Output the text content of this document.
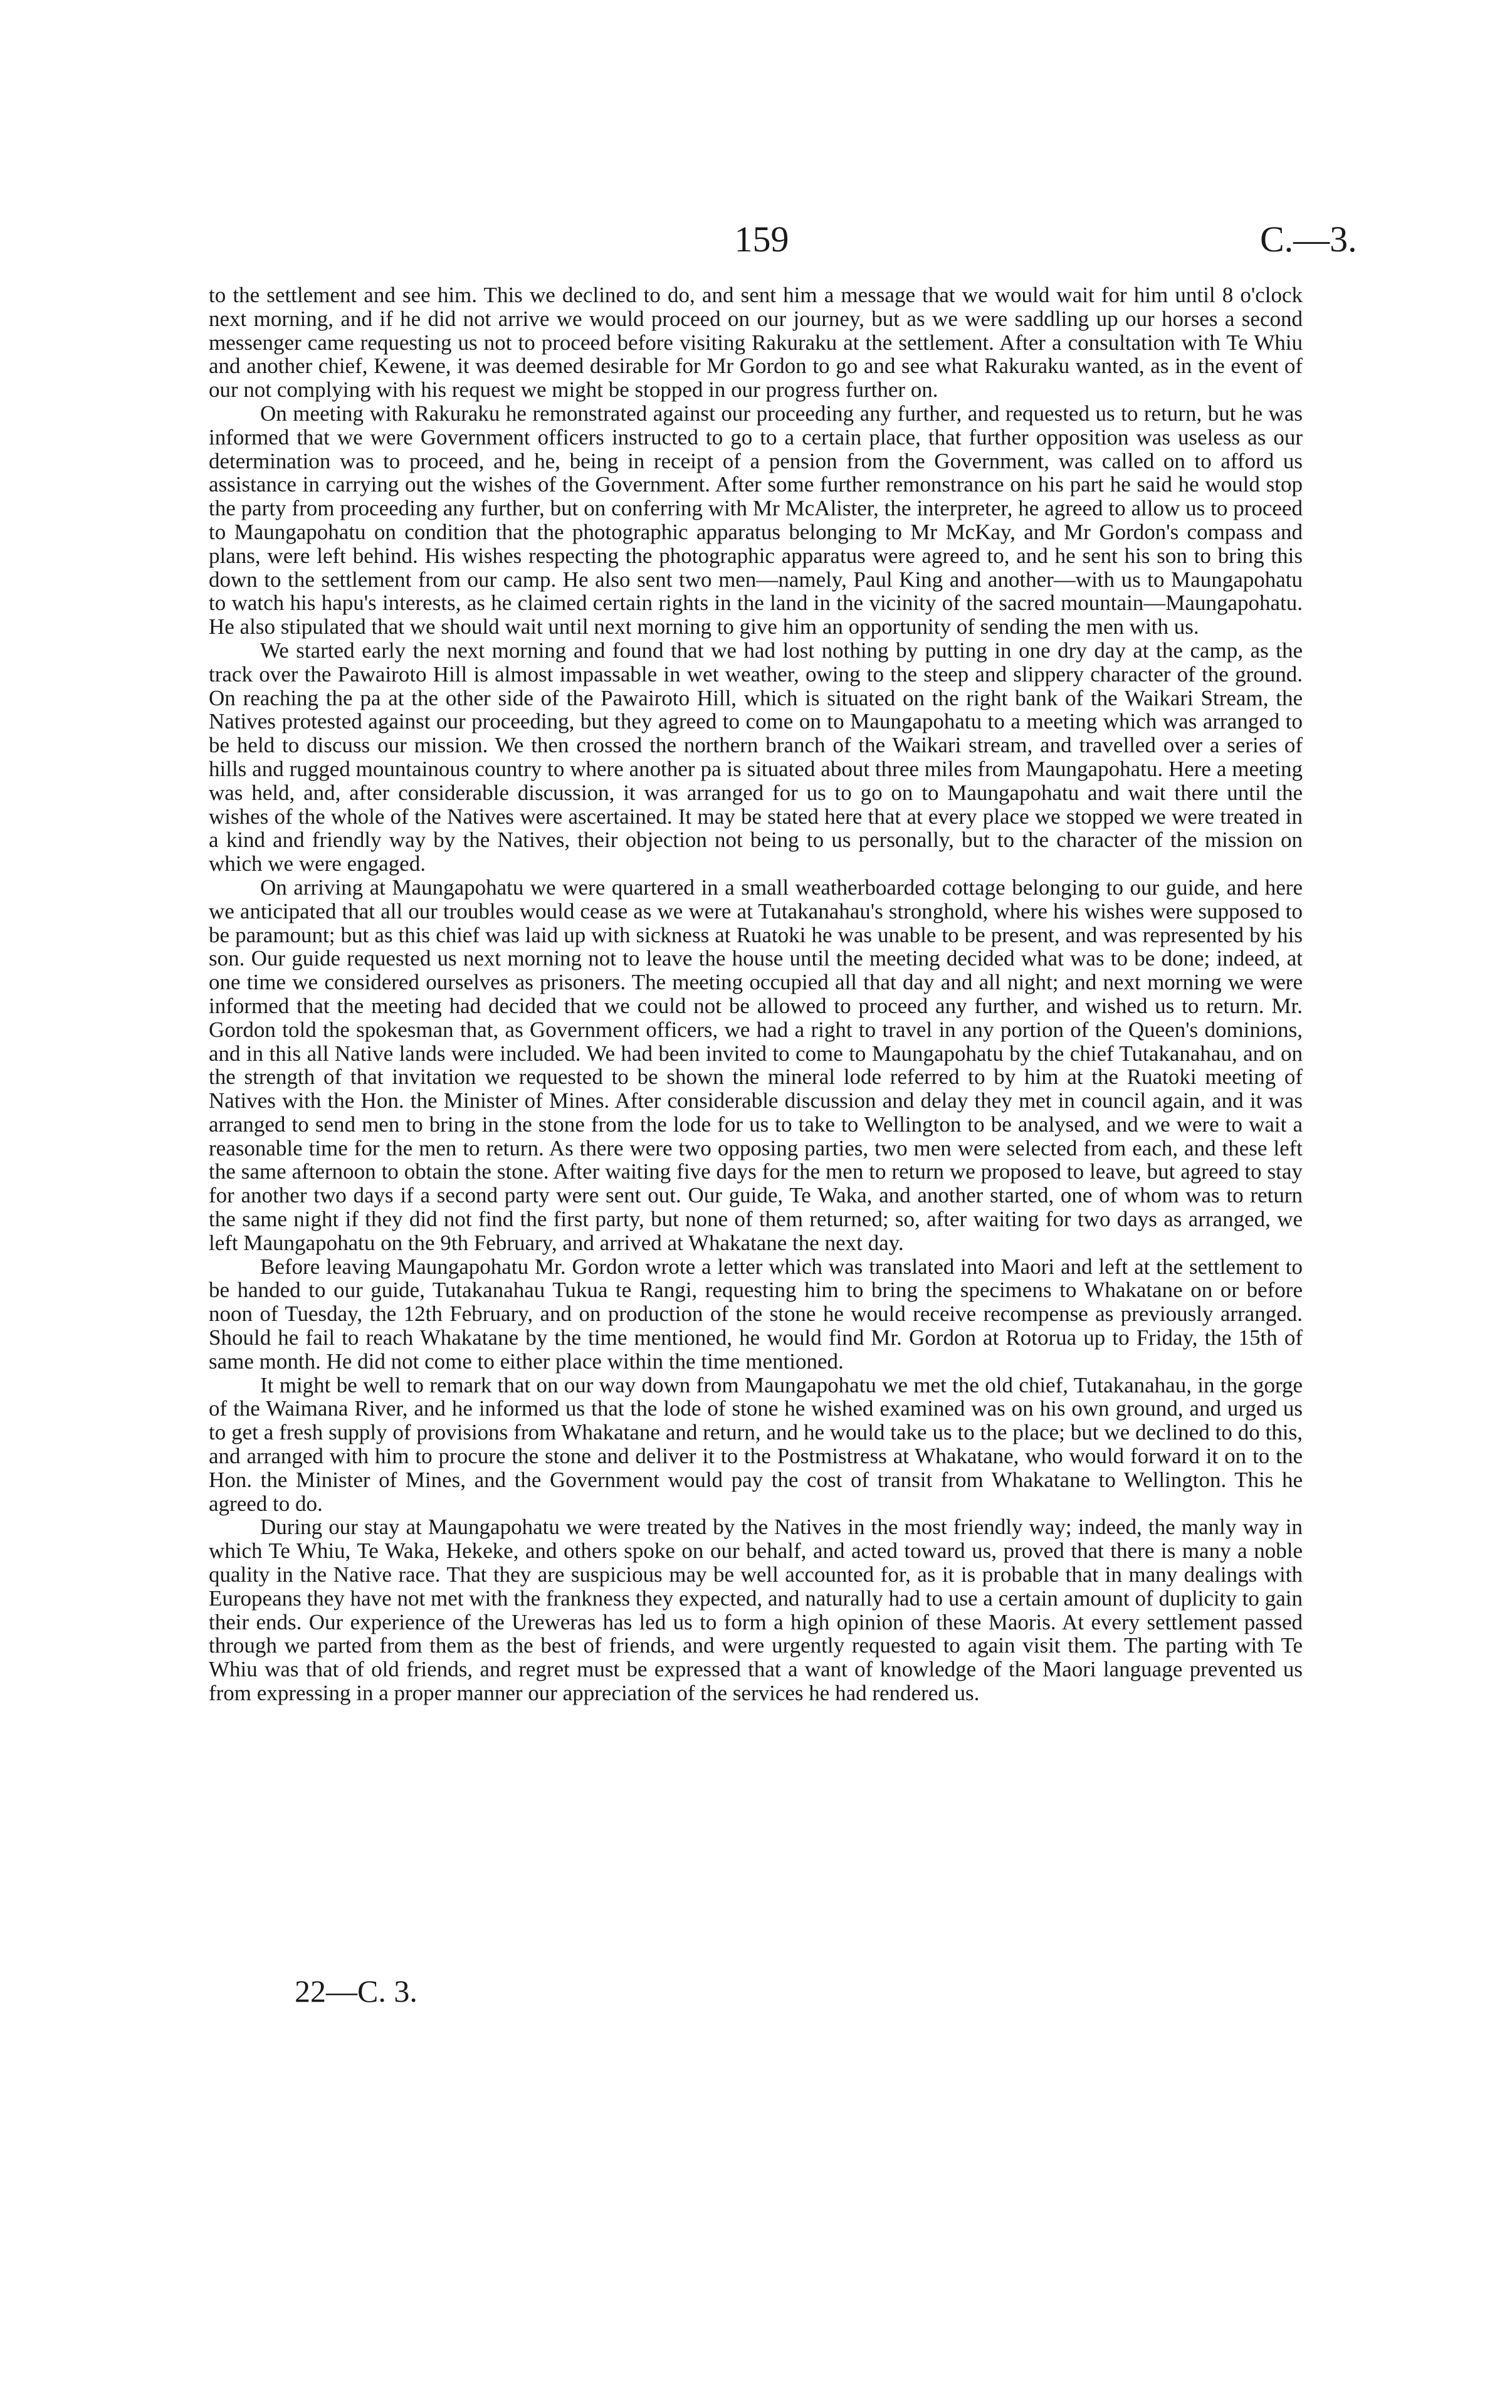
159	C.—3.

to the settlement and see him. This we declined to do, and sent him a message that we would wait for him until 8 o'clock next morning, and if he did not arrive we would proceed on our journey, but as we were saddling up our horses a second messenger came requesting us not to proceed before visiting Rakuraku at the settlement. After a consultation with Te Whiu and another chief, Kewene, it was deemed desirable for Mr Gordon to go and see what Rakuraku wanted, as in the event of our not complying with his request we might be stopped in our progress further on.

On meeting with Rakuraku he remonstrated against our proceeding any further, and requested us to return, but he was informed that we were Government officers instructed to go to a certain place, that further opposition was useless as our determination was to proceed, and he, being in receipt of a pension from the Government, was called on to afford us assistance in carrying out the wishes of the Government. After some further remonstrance on his part he said he would stop the party from proceeding any further, but on conferring with Mr McAlister, the interpreter, he agreed to allow us to proceed to Maungapohatu on condition that the photographic apparatus belonging to Mr McKay, and Mr Gordon's compass and plans, were left behind. His wishes respecting the photographic apparatus were agreed to, and he sent his son to bring this down to the settlement from our camp. He also sent two men—namely, Paul King and another—with us to Maungapohatu to watch his hapu's interests, as he claimed certain rights in the land in the vicinity of the sacred mountain—Maungapohatu. He also stipulated that we should wait until next morning to give him an opportunity of sending the men with us.

We started early the next morning and found that we had lost nothing by putting in one dry day at the camp, as the track over the Pawairoto Hill is almost impassable in wet weather, owing to the steep and slippery character of the ground. On reaching the pa at the other side of the Pawairoto Hill, which is situated on the right bank of the Waikari Stream, the Natives protested against our proceeding, but they agreed to come on to Maungapohatu to a meeting which was arranged to be held to discuss our mission. We then crossed the northern branch of the Waikari stream, and travelled over a series of hills and rugged mountainous country to where another pa is situated about three miles from Maungapohatu. Here a meeting was held, and, after considerable discussion, it was arranged for us to go on to Maungapohatu and wait there until the wishes of the whole of the Natives were ascertained. It may be stated here that at every place we stopped we were treated in a kind and friendly way by the Natives, their objection not being to us personally, but to the character of the mission on which we were engaged.

On arriving at Maungapohatu we were quartered in a small weatherboarded cottage belonging to our guide, and here we anticipated that all our troubles would cease as we were at Tutakanahau's stronghold, where his wishes were supposed to be paramount; but as this chief was laid up with sickness at Ruatoki he was unable to be present, and was represented by his son. Our guide requested us next morning not to leave the house until the meeting decided what was to be done; indeed, at one time we considered ourselves as prisoners. The meeting occupied all that day and all night; and next morning we were informed that the meeting had decided that we could not be allowed to proceed any further, and wished us to return. Mr. Gordon told the spokesman that, as Government officers, we had a right to travel in any portion of the Queen's dominions, and in this all Native lands were included. We had been invited to come to Maungapohatu by the chief Tutakanahau, and on the strength of that invitation we requested to be shown the mineral lode referred to by him at the Ruatoki meeting of Natives with the Hon. the Minister of Mines. After considerable discussion and delay they met in council again, and it was arranged to send men to bring in the stone from the lode for us to take to Wellington to be analysed, and we were to wait a reasonable time for the men to return. As there were two opposing parties, two men were selected from each, and these left the same afternoon to obtain the stone. After waiting five days for the men to return we proposed to leave, but agreed to stay for another two days if a second party were sent out. Our guide, Te Waka, and another started, one of whom was to return the same night if they did not find the first party, but none of them returned; so, after waiting for two days as arranged, we left Maungapohatu on the 9th February, and arrived at Whakatane the next day.

Before leaving Maungapohatu Mr. Gordon wrote a letter which was translated into Maori and left at the settlement to be handed to our guide, Tutakanahau Tukua te Rangi, requesting him to bring the specimens to Whakatane on or before noon of Tuesday, the 12th February, and on production of the stone he would receive recompense as previously arranged. Should he fail to reach Whakatane by the time mentioned, he would find Mr. Gordon at Rotorua up to Friday, the 15th of same month. He did not come to either place within the time mentioned.

It might be well to remark that on our way down from Maungapohatu we met the old chief, Tutakanahau, in the gorge of the Waimana River, and he informed us that the lode of stone he wished examined was on his own ground, and urged us to get a fresh supply of provisions from Whakatane and return, and he would take us to the place; but we declined to do this, and arranged with him to procure the stone and deliver it to the Postmistress at Whakatane, who would forward it on to the Hon. the Minister of Mines, and the Government would pay the cost of transit from Whakatane to Wellington. This he agreed to do.

During our stay at Maungapohatu we were treated by the Natives in the most friendly way; indeed, the manly way in which Te Whiu, Te Waka, Hekeke, and others spoke on our behalf, and acted toward us, proved that there is many a noble quality in the Native race. That they are suspicious may be well accounted for, as it is probable that in many dealings with Europeans they have not met with the frankness they expected, and naturally had to use a certain amount of duplicity to gain their ends. Our experience of the Ureweras has led us to form a high opinion of these Maoris. At every settlement passed through we parted from them as the best of friends, and were urgently requested to again visit them. The parting with Te Whiu was that of old friends, and regret must be expressed that a want of knowledge of the Maori language prevented us from expressing in a proper manner our appreciation of the services he had rendered us.

22—C. 3.
